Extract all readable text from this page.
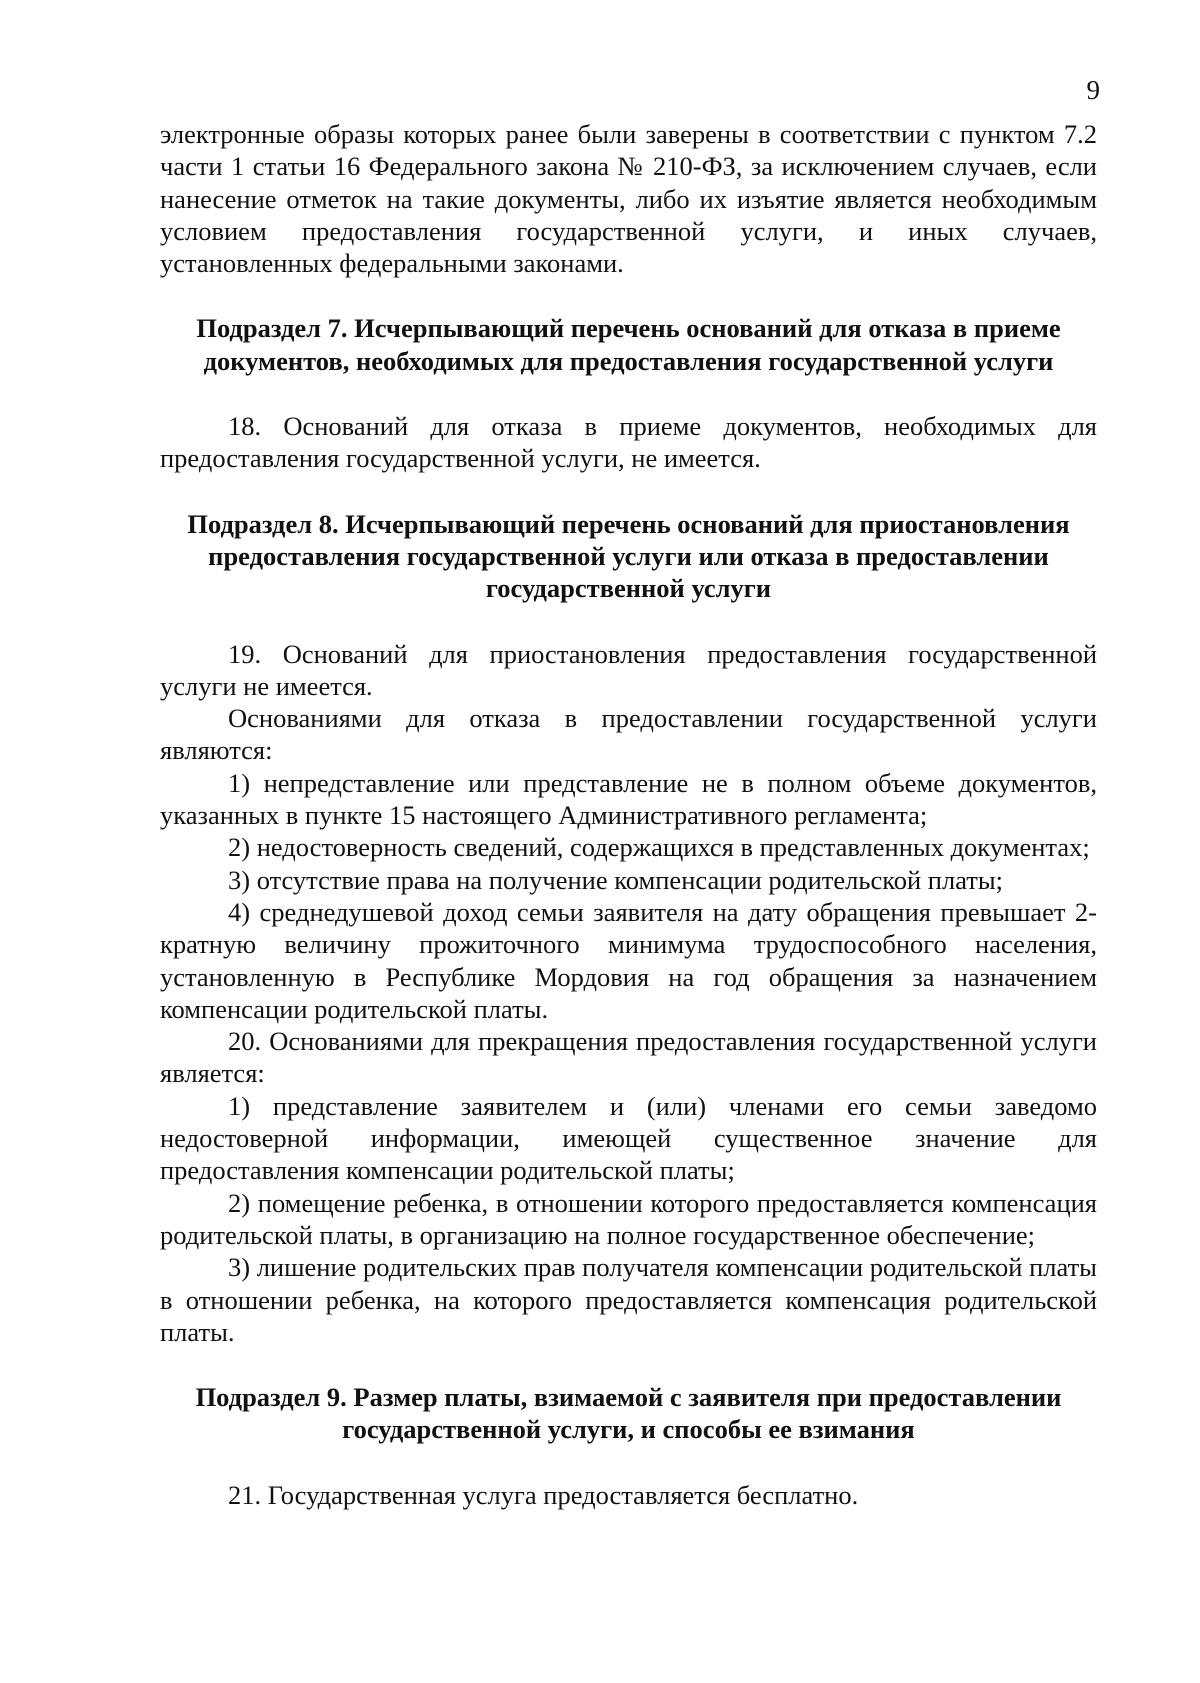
9

электронные образы которых ранее были заверены в соответствии с пунктом 7.2 части 1 статьи 16 Федерального закона № 210-ФЗ, за исключением случаев, если нанесение отметок на такие документы, либо их изъятие является необходимым условием предоставления государственной услуги, и иных случаев, установленных федеральными законами.

Подраздел 7. Исчерпывающий перечень оснований для отказа в приеме документов, необходимых для предоставления государственной услуги

18. Оснований для отказа в приеме документов, необходимых для предоставления государственной услуги, не имеется.

Подраздел 8. Исчерпывающий перечень оснований для приостановления предоставления государственной услуги или отказа в предоставлении государственной услуги

19. Оснований для приостановления предоставления государственной услуги не имеется.

Основаниями для отказа в предоставлении государственной услуги являются:

1) непредставление или представление не в полном объеме документов, указанных в пункте 15 настоящего Административного регламента;

2) недостоверность сведений, содержащихся в представленных документах;

3) отсутствие права на получение компенсации родительской платы;

4) среднедушевой доход семьи заявителя на дату обращения превышает 2-кратную величину прожиточного минимума трудоспособного населения, установленную в Республике Мордовия на год обращения за назначением компенсации родительской платы.

20. Основаниями для прекращения предоставления государственной услуги является:

1) представление заявителем и (или) членами его семьи заведомо недостоверной информации, имеющей существенное значение для предоставления компенсации родительской платы;

2) помещение ребенка, в отношении которого предоставляется компенсация родительской платы, в организацию на полное государственное обеспечение;

3) лишение родительских прав получателя компенсации родительской платы в отношении ребенка, на которого предоставляется компенсация родительской платы.

Подраздел 9. Размер платы, взимаемой с заявителя при предоставлении государственной услуги, и способы ее взимания

21. Государственная услуга предоставляется бесплатно.
